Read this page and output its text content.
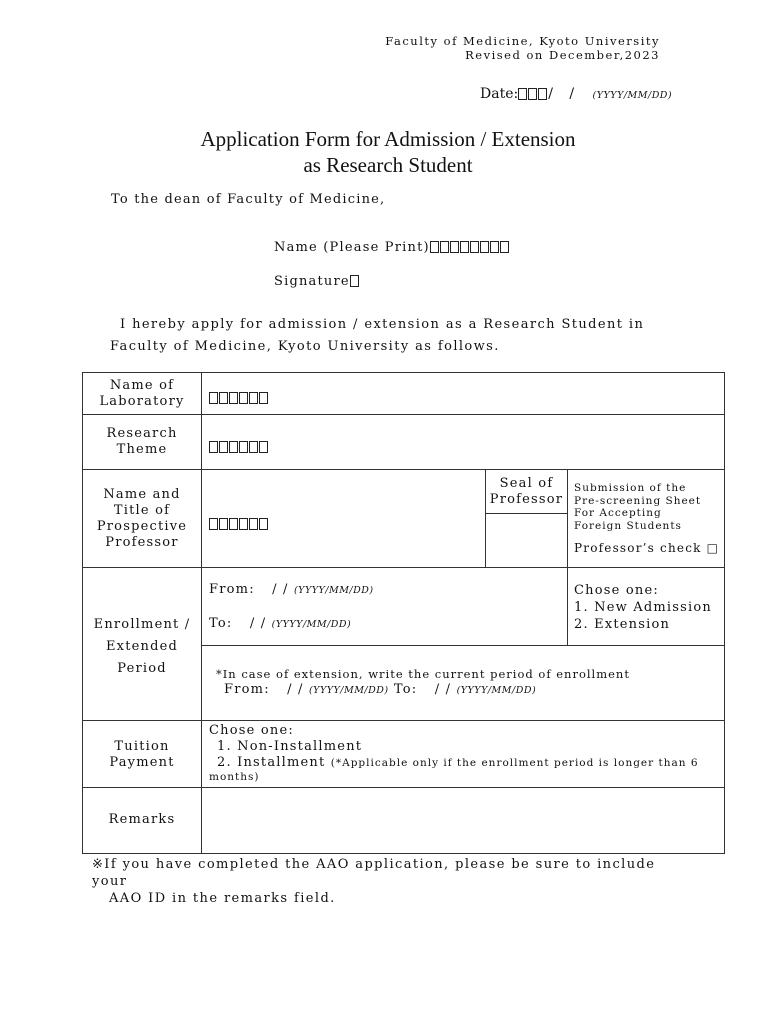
Faculty of Medicine, Kyoto University
Revised on December,2023
Date: / / (YYYY/MM/DD)
Application Form for Admission / Extension
as Research Student
To the dean of Faculty of Medicine,
Name (Please Print)
Signature
I hereby apply for admission / extension as a Research Student in Faculty of Medicine, Kyoto University as follows.
Name of
Laboratory
Research
Theme
Name and
Title of
Prospective
Professor
Seal of
Professor
Submission of the
Pre-screening Sheet
For Accepting
Foreign Students
Professor’s check □
Enrollment /
Extended
Period
From: / / (YYYY/MM/DD)
To: / / (YYYY/MM/DD)
Chose one:
1. New Admission
2. Extension
*In case of extension, write the current period of enrollment
From: / / (YYYY/MM/DD) To: / / (YYYY/MM/DD)
Tuition
Payment
Chose one:
1. Non-Installment
2. Installment (*Applicable only if the enrollment period is longer than 6
months)
Remarks
※If you have completed the AAO application, please be sure to include your
AAO ID in the remarks field.
